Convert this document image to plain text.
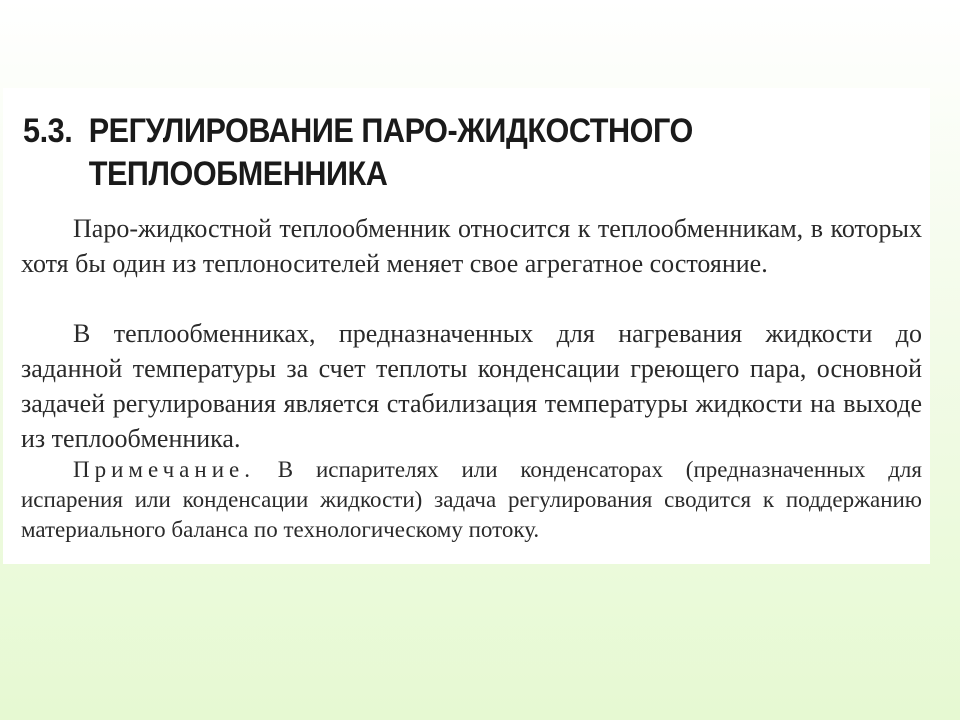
5.3. РЕГУЛИРОВАНИЕ ПАРО-ЖИДКОСТНОГО
ТЕПЛООБМЕННИКА
Паро-жидкостной теплообменник относится к теплообменникам, в которых хотя бы один из теплоносителей меняет свое агрегатное состояние.
В теплообменниках, предназначенных для нагревания жидкости до заданной температуры за счет теплоты конденсации греющего пара, основной задачей регулирования является стабилизация температуры жидкости на выходе из теплообменника.
Примечание. В испарителях или конденсаторах (предназначенных для испарения или конденсации жидкости) задача регулирования сводится к поддержанию материального баланса по технологическому потоку.
